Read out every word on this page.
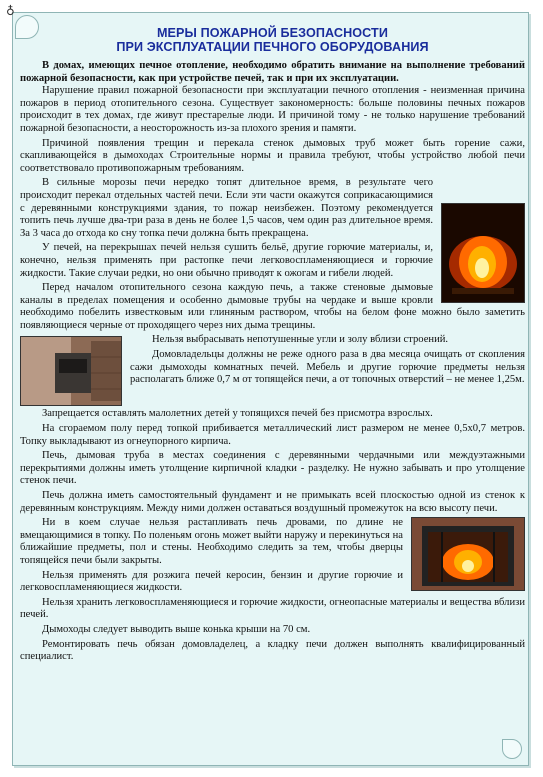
♁
МЕРЫ ПОЖАРНОЙ БЕЗОПАСНОСТИ
ПРИ ЭКСПЛУАТАЦИИ ПЕЧНОГО ОБОРУДОВАНИЯ

В домах, имеющих печное отопление, необходимо обратить внимание на выполнение требований пожарной безопасности, как при устройстве печей, так и при их эксплуатации.

Нарушение правил пожарной безопасности при эксплуатации печного отопления - неизменная причина пожаров в период отопительного сезона. Существует закономерность: больше половины печных пожаров происходит в тех домах, где живут престарелые люди. И причиной тому - не только нарушение требований пожарной безопасности, а неосторожность из-за плохого зрения и памяти.

Причиной появления трещин и перекала стенок дымовых труб может быть горение сажи, скапливающейся в дымоходах Строительные нормы и правила требуют, чтобы устройство любой печи соответствовало противопожарным требованиям.

В сильные морозы печи нередко топят длительное время, в результате чего происходит перекал отдельных частей печи. Если эти части окажутся соприкасающимися с деревянными конструкциями здания, то пожар неизбежен. Поэтому рекомендуется топить печь лучше два-три раза в день не более 1,5 часов, чем один раз длительное время. За 3 часа до отхода ко сну топка печи должна быть прекращена.

У печей, на перекрышах печей нельзя сушить бельё, другие горючие материалы, и, конечно, нельзя применять при растопке печи легковоспламеняющиеся и горючие жидкости. Такие случаи редки, но они обычно приводят к ожогам и гибели людей.

Перед началом отопительного сезона каждую печь, а также стеновые дымовые каналы в пределах помещения и особенно дымовые трубы на чердаке и выше кровли необходимо побелить известковым или глиняным раствором, чтобы на белом фоне можно было заметить появляющиеся черные от проходящего через них дыма трещины.

Нельзя выбрасывать непотушенные угли и золу вблизи строений.

Домовладельцы должны не реже одного раза в два месяца очищать от скопления сажи дымоходы комнатных печей. Мебель и другие горючие предметы нельзя располагать ближе 0,7 м от топящейся печи, а от топочных отверстий – не менее 1,25м.

Запрещается оставлять малолетних детей у топящихся печей без присмотра взрослых.

На сгораемом полу перед топкой прибивается металлический лист размером не менее 0,5х0,7 метров. Топку выкладывают из огнеупорного кирпича.

Печь, дымовая труба в местах соединения с деревянными чердачными или междуэтажными перекрытиями должны иметь утолщение кирпичной кладки - разделку. Не нужно забывать и про утолщение стенок печи.

Печь должна иметь самостоятельный фундамент и не примыкать всей плоскостью одной из стенок к деревянным конструкциям. Между ними должен оставаться воздушный промежуток на всю высоту печи.

Ни в коем случае нельзя растапливать печь дровами, по длине не вмещающимися в топку. По поленьям огонь может выйти наружу и перекинуться на ближайшие предметы, пол и стены. Необходимо следить за тем, чтобы дверцы топящейся печи были закрыты.

Нельзя применять для розжига печей керосин, бензин и другие горючие и легковоспламеняющиеся жидкости.

Нельзя хранить легковоспламеняющиеся и горючие жидкости, огнеопасные материалы и вещества вблизи печей.

Дымоходы следует выводить выше конька крыши на 70 см.

Ремонтировать печь обязан домовладелец, а кладку печи должен выполнять квалифицированный специалист.
